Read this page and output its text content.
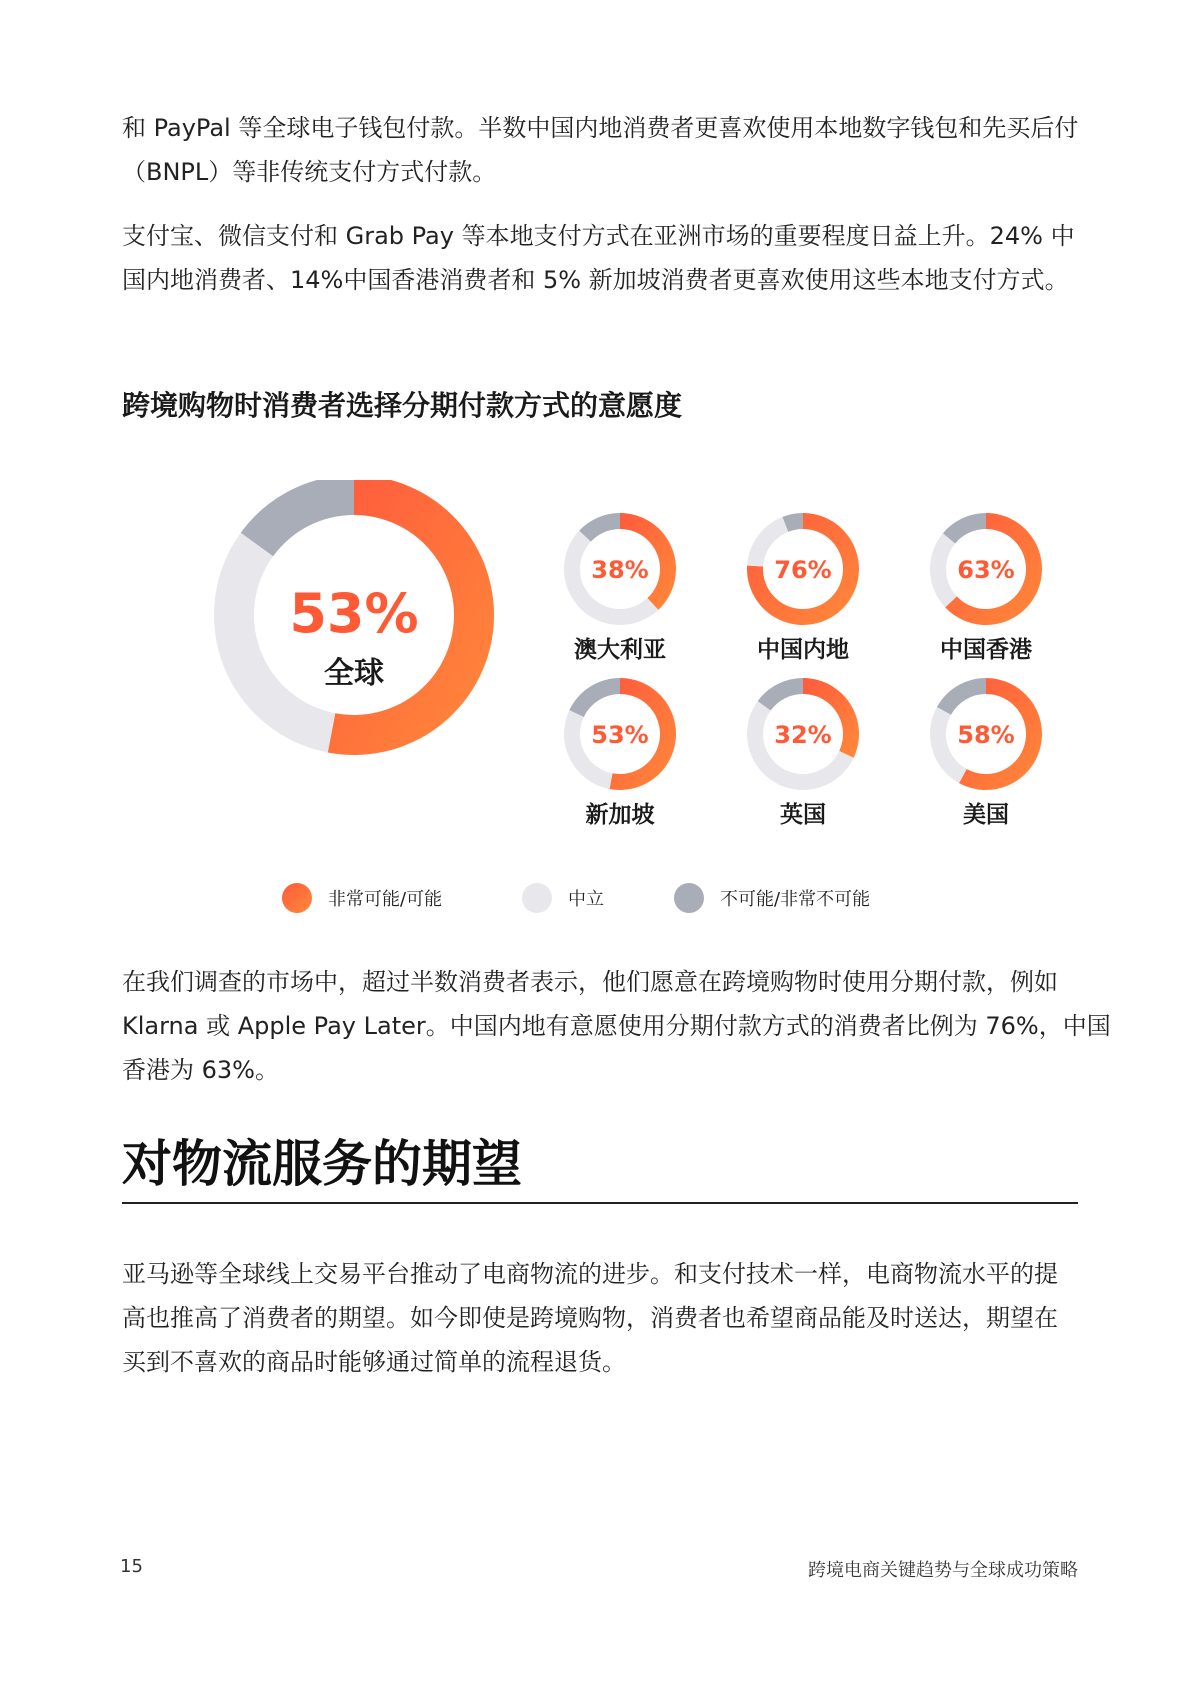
和 PayPal 等全球电子钱包付款。半数中国内地消费者更喜欢使用本地数字钱包和先买后付
（BNPL）等非传统支付方式付款。
支付宝、微信支付和 Grab Pay 等本地支付方式在亚洲市场的重要程度日益上升。24% 中
国内地消费者、14%中国香港消费者和 5% 新加坡消费者更喜欢使用这些本地支付方式。
跨境购物时消费者选择分期付款方式的意愿度
53%
全球
38%
澳大利亚
76%
中国内地
63%
中国香港
53%
新加坡
32%
英国
58%
美国
非常可能/可能	中立	不可能/非常不可能
在我们调查的市场中，超过半数消费者表示，他们愿意在跨境购物时使用分期付款，例如
Klarna 或 Apple Pay Later。中国内地有意愿使用分期付款方式的消费者比例为 76%，中国
香港为 63%。
对物流服务的期望
亚马逊等全球线上交易平台推动了电商物流的进步。和支付技术一样，电商物流水平的提
高也推高了消费者的期望。如今即使是跨境购物，消费者也希望商品能及时送达，期望在
买到不喜欢的商品时能够通过简单的流程退货。
15	跨境电商关键趋势与全球成功策略
